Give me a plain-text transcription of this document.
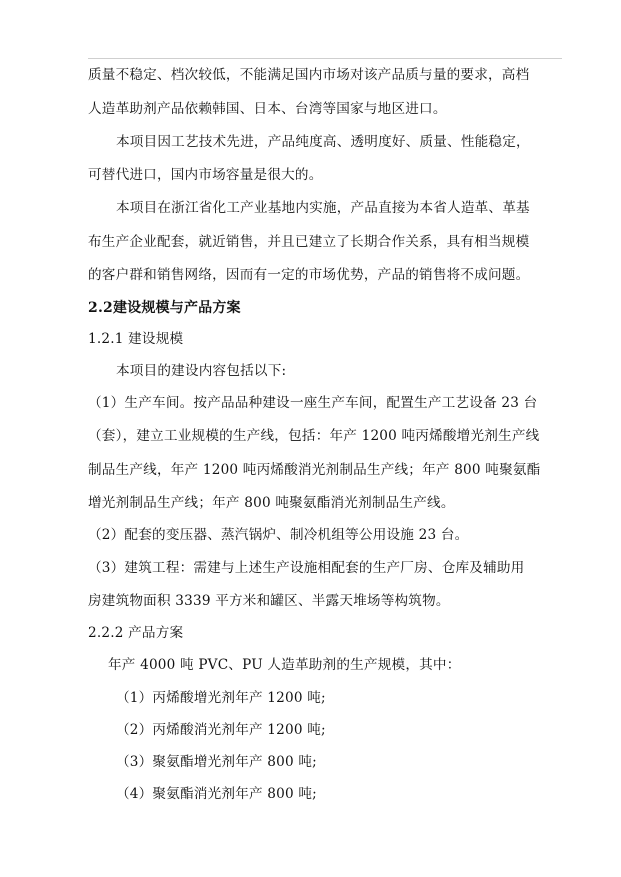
质量不稳定、档次较低，不能满足国内市场对该产品质与量的要求，高档
人造革助剂产品依赖韩国、日本、台湾等国家与地区进口。
本项目因工艺技术先进，产品纯度高、透明度好、质量、性能稳定，
可替代进口，国内市场容量是很大的。
本项目在浙江省化工产业基地内实施，产品直接为本省人造革、革基
布生产企业配套，就近销售，并且已建立了长期合作关系，具有相当规模
的客户群和销售网络，因而有一定的市场优势，产品的销售将不成问题。
2.2建设规模与产品方案
1.2.1 建设规模
本项目的建设内容包括以下:
（1）生产车间。按产品品种建设一座生产车间，配置生产工艺设备 23 台
（套），建立工业规模的生产线，包括：年产 1200 吨丙烯酸增光剂生产线
制品生产线，年产 1200 吨丙烯酸消光剂制品生产线；年产 800 吨聚氨酯
增光剂制品生产线；年产 800 吨聚氨酯消光剂制品生产线。
（2）配套的变压器、蒸汽锅炉、制冷机组等公用设施 23 台。
（3）建筑工程：需建与上述生产设施相配套的生产厂房、仓库及辅助用
房建筑物面积 3339 平方米和罐区、半露天堆场等构筑物。
2.2.2 产品方案
年产 4000 吨 PVC、PU 人造革助剂的生产规模，其中：
（1）丙烯酸增光剂年产 1200 吨;
（2）丙烯酸消光剂年产 1200 吨;
（3）聚氨酯增光剂年产 800 吨;
（4）聚氨酯消光剂年产 800 吨;
